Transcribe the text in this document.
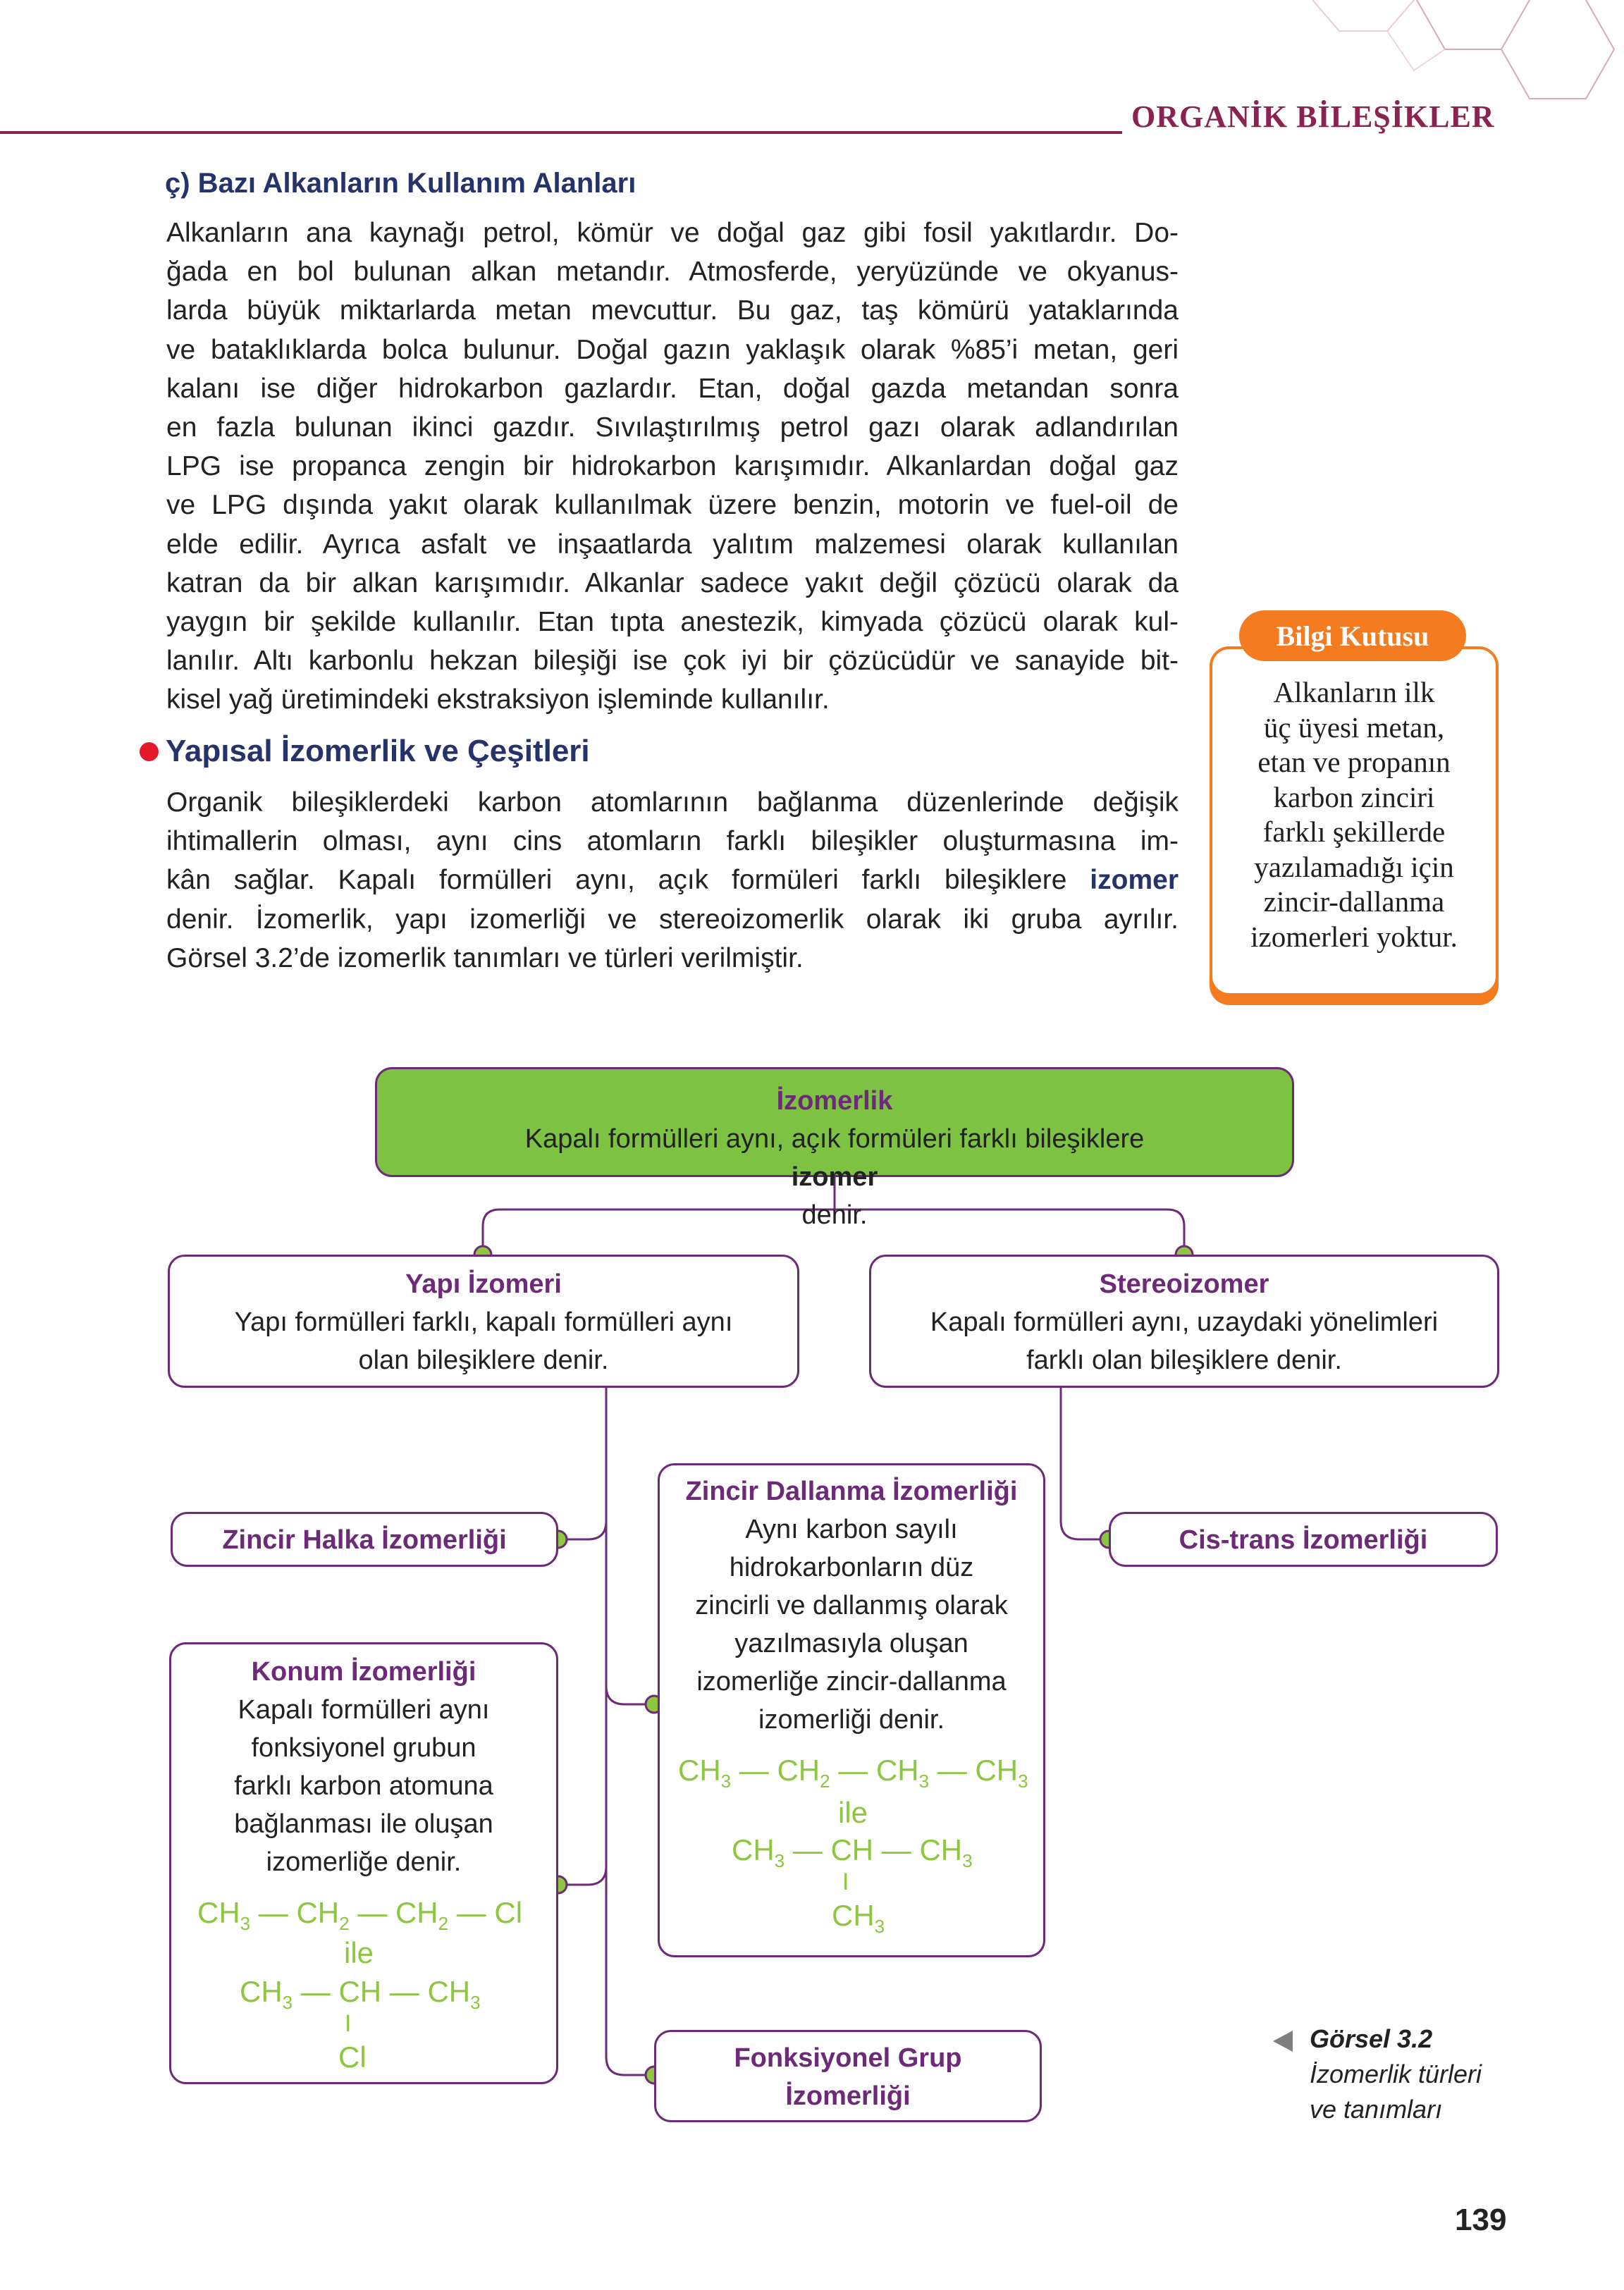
ORGANİK BİLEŞİKLER
ç) Bazı Alkanların Kullanım Alanları
Alkanların ana kaynağı petrol, kömür ve doğal gaz gibi fosil yakıtlardır. Do-
ğada en bol bulunan alkan metandır. Atmosferde, yeryüzünde ve okyanus-
larda büyük miktarlarda metan mevcuttur. Bu gaz, taş kömürü yataklarında
ve bataklıklarda bolca bulunur. Doğal gazın yaklaşık olarak %85’i metan, geri
kalanı ise diğer hidrokarbon gazlardır. Etan, doğal gazda metandan sonra
en fazla bulunan ikinci gazdır. Sıvılaştırılmış petrol gazı olarak adlandırılan
LPG ise propanca zengin bir hidrokarbon karışımıdır. Alkanlardan doğal gaz
ve LPG dışında yakıt olarak kullanılmak üzere benzin, motorin ve fuel-oil de
elde edilir. Ayrıca asfalt ve inşaatlarda yalıtım malzemesi olarak kullanılan
katran da bir alkan karışımıdır. Alkanlar sadece yakıt değil çözücü olarak da
yaygın bir şekilde kullanılır. Etan tıpta anestezik, kimyada çözücü olarak kul-
lanılır. Altı karbonlu hekzan bileşiği ise çok iyi bir çözücüdür ve sanayide bit-
kisel yağ üretimindeki ekstraksiyon işleminde kullanılır.
Yapısal İzomerlik ve Çeşitleri
Organik bileşiklerdeki karbon atomlarının bağlanma düzenlerinde değişik
ihtimallerin olması, aynı cins atomların farklı bileşikler oluşturmasına im-
kân sağlar. Kapalı formülleri aynı, açık formüleri farklı bileşiklere izomer
denir. İzomerlik, yapı izomerliği ve stereoizomerlik olarak iki gruba ayrılır.
Görsel 3.2’de izomerlik tanımları ve türleri verilmiştir.
Bilgi Kutusu
Alkanların ilk
üç üyesi metan,
etan ve propanın
karbon zinciri
farklı şekillerde
yazılamadığı için
zincir-dallanma
izomerleri yoktur.
İzomerlik
Kapalı formülleri aynı, açık formüleri farklı bileşiklere
izomer
denir.
Yapı İzomeri
Yapı formülleri farklı, kapalı formülleri aynı
olan bileşiklere denir.
Stereoizomer
Kapalı formülleri aynı, uzaydaki yönelimleri
farklı olan bileşiklere denir.
Zincir Halka İzomerliği	Cis-trans İzomerliği
Zincir Dallanma İzomerliği
Aynı karbon sayılı
hidrokarbonların düz
zincirli ve dallanmış olarak
yazılmasıyla oluşan
izomerliğe zincir-dallanma
izomerliği denir.
$CH_3$ — $CH_2$ — $CH_3$ — $CH_3$
ile
$CH_3$ — CH — $CH_3$
I
$CH_3$
Konum İzomerliği
Kapalı formülleri aynı
fonksiyonel grubun
farklı karbon atomuna
bağlanması ile oluşan
izomerliğe denir.
$CH_3$ — $CH_2$ — $CH_2$ — Cl
ile
$CH_3$ — CH — $CH_3$
I
Cl	Fonksiyonel Grup
İzomerliği
Görsel 3.2
İzomerlik türleri
ve tanımları
139
